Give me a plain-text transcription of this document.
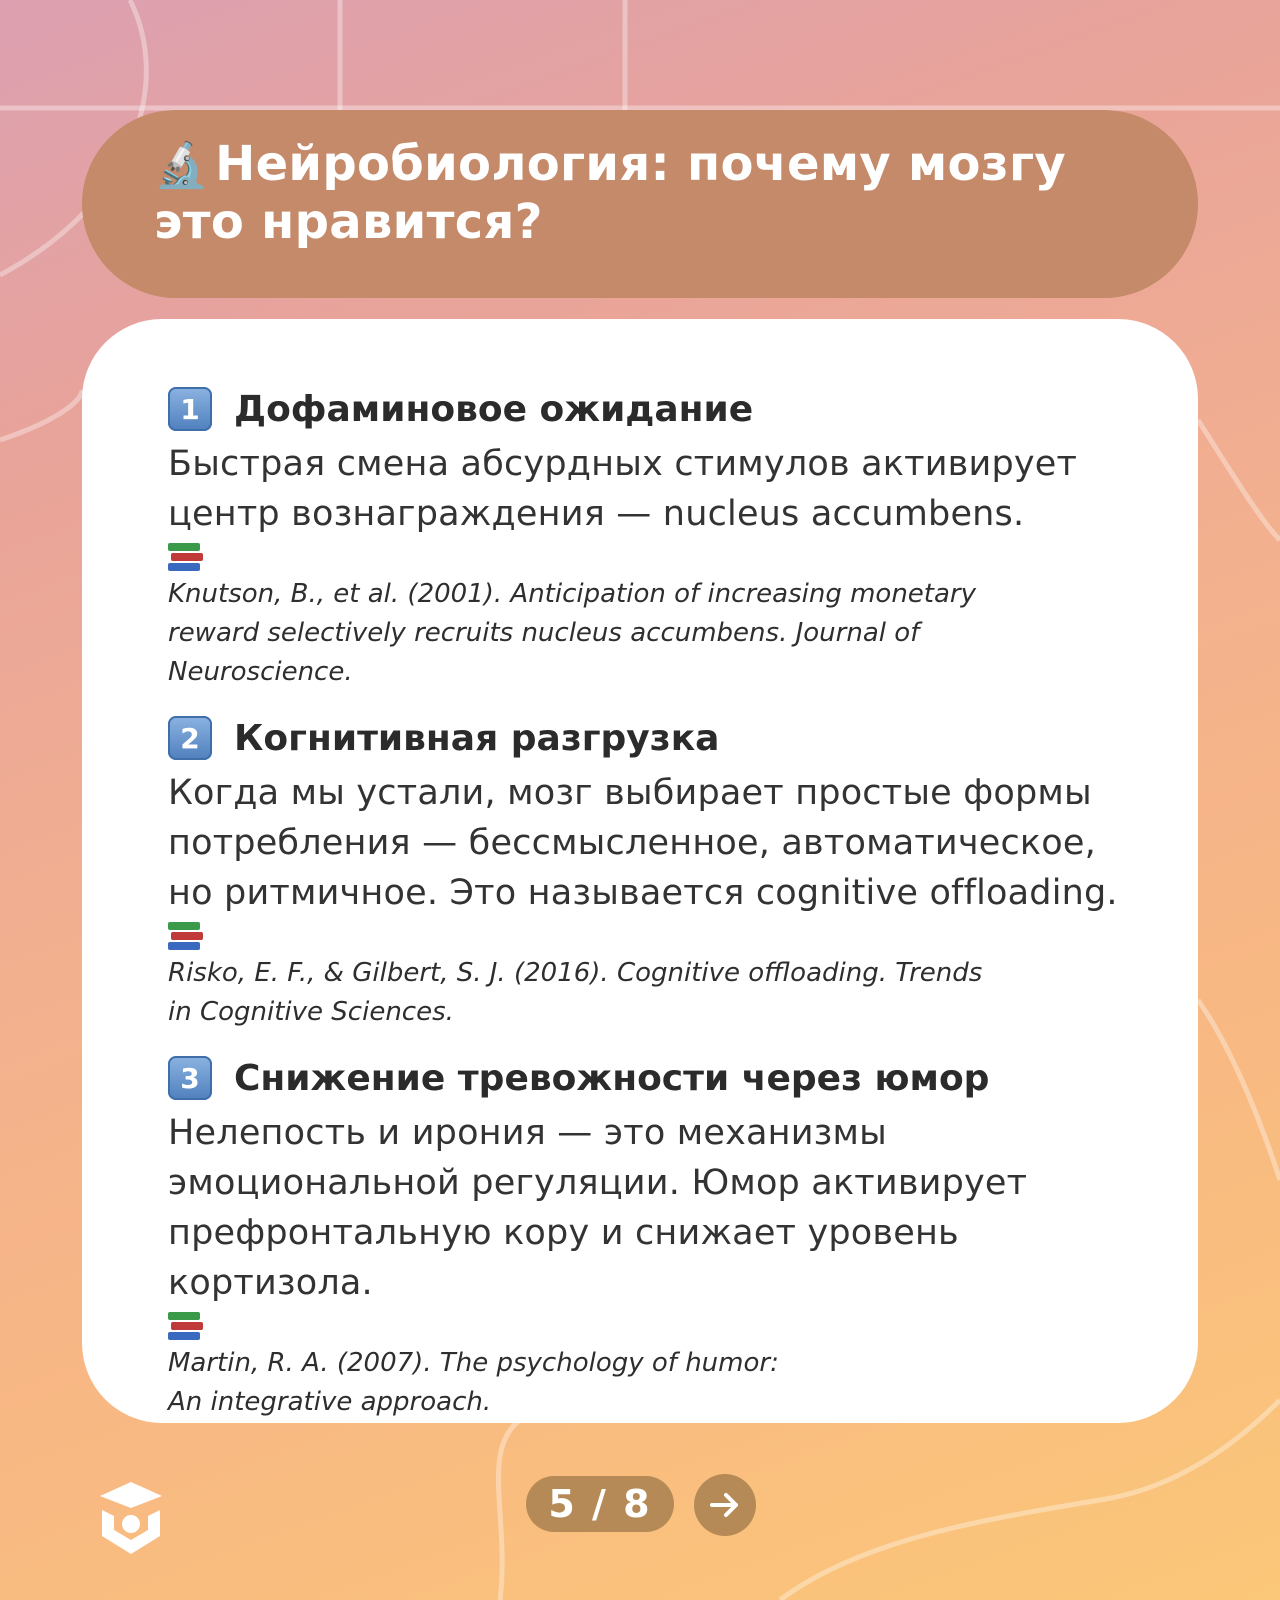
🔬 Нейробиология: почему мозгу
это нравится?
1 Дофаминовое ожидание
Быстрая смена абсурдных стимулов активирует
центр вознаграждения — nucleus accumbens.
Knutson, B., et al. (2001). Anticipation of increasing monetary
reward selectively recruits nucleus accumbens. Journal of
Neuroscience.
2 Когнитивная разгрузка
Когда мы устали, мозг выбирает простые формы
потребления — бессмысленное, автоматическое,
но ритмичное. Это называется cognitive offloading.
Risko, E. F., & Gilbert, S. J. (2016). Cognitive offloading. Trends
in Cognitive Sciences.
3 Снижение тревожности через юмор
Нелепость и ирония — это механизмы
эмоциональной регуляции. Юмор активирует
префронтальную кору и снижает уровень
кортизола.
Martin, R. A. (2007). The psychology of humor:
An integrative approach.
5 / 8
